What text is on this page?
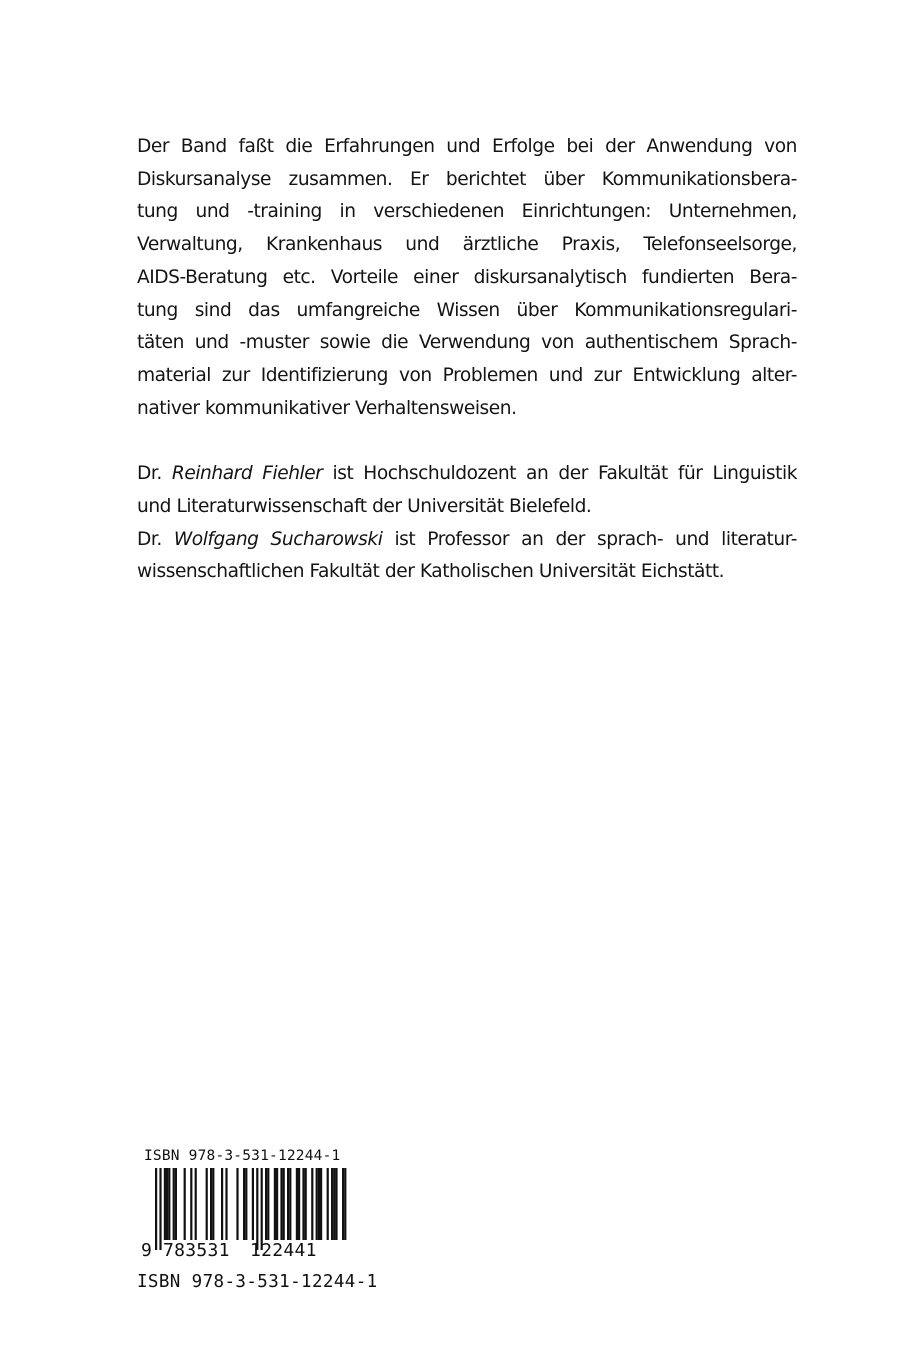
Der Band faßt die Erfahrungen und Erfolge bei der Anwendung von
Diskursanalyse zusammen. Er berichtet über Kommunikationsbera-
tung und -training in verschiedenen Einrichtungen: Unternehmen,
Verwaltung, Krankenhaus und ärztliche Praxis, Telefonseelsorge,
AIDS-Beratung etc. Vorteile einer diskursanalytisch fundierten Bera-
tung sind das umfangreiche Wissen über Kommunikationsregulari-
täten und -muster sowie die Verwendung von authentischem Sprach-
material zur Identifizierung von Problemen und zur Entwicklung alter-
nativer kommunikativer Verhaltensweisen.

Dr. Reinhard Fiehler ist Hochschuldozent an der Fakultät für Linguistik
und Literaturwissenschaft der Universität Bielefeld.
Dr. Wolfgang Sucharowski ist Professor an der sprach- und literatur-
wissenschaftlichen Fakultät der Katholischen Universität Eichstätt.
ISBN 978-3-531-12244-1
9 783531 122441
ISBN 978-3-531-12244-1
